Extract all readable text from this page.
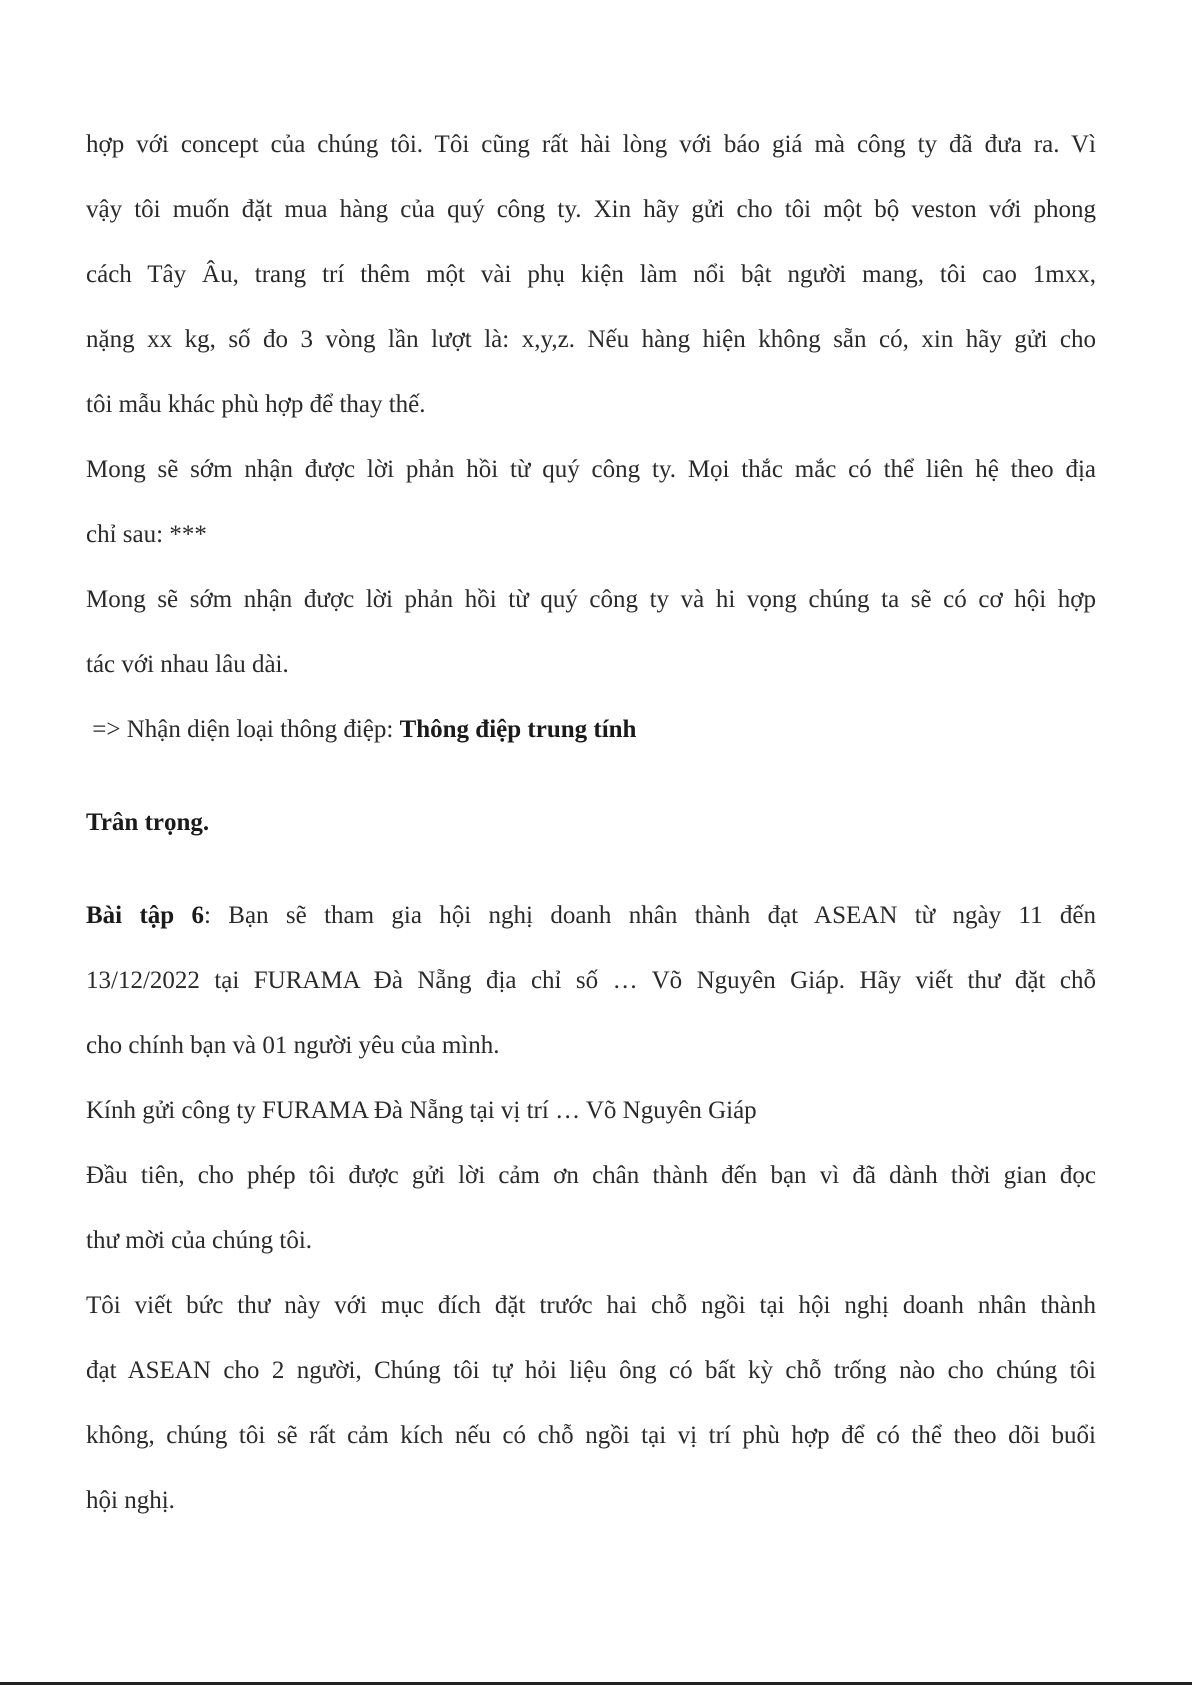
hợp với concept của chúng tôi. Tôi cũng rất hài lòng với báo giá mà công ty đã đưa ra. Vì
vậy tôi muốn đặt mua hàng của quý công ty. Xin hãy gửi cho tôi một bộ veston với phong
cách Tây Âu, trang trí thêm một vài phụ kiện làm nổi bật người mang, tôi cao 1mxx,
nặng xx kg, số đo 3 vòng lần lượt là: x,y,z. Nếu hàng hiện không sẵn có, xin hãy gửi cho
tôi mẫu khác phù hợp để thay thế.
Mong sẽ sớm nhận được lời phản hồi từ quý công ty. Mọi thắc mắc có thể liên hệ theo địa
chỉ sau: ***
Mong sẽ sớm nhận được lời phản hồi từ quý công ty và hi vọng chúng ta sẽ có cơ hội hợp
tác với nhau lâu dài.
=> Nhận diện loại thông điệp: Thông điệp trung tính
Trân trọng.
Bài tập 6: Bạn sẽ tham gia hội nghị doanh nhân thành đạt ASEAN từ ngày 11 đến
13/12/2022 tại FURAMA Đà Nẵng địa chỉ số … Võ Nguyên Giáp. Hãy viết thư đặt chỗ
cho chính bạn và 01 người yêu của mình.
Kính gửi công ty FURAMA Đà Nẵng tại vị trí … Võ Nguyên Giáp
Đầu tiên, cho phép tôi được gửi lời cảm ơn chân thành đến bạn vì đã dành thời gian đọc
thư mời của chúng tôi.
Tôi viết bức thư này với mục đích đặt trước hai chỗ ngồi tại hội nghị doanh nhân thành
đạt ASEAN cho 2 người, Chúng tôi tự hỏi liệu ông có bất kỳ chỗ trống nào cho chúng tôi
không, chúng tôi sẽ rất cảm kích nếu có chỗ ngồi tại vị trí phù hợp để có thể theo dõi buổi
hội nghị.
